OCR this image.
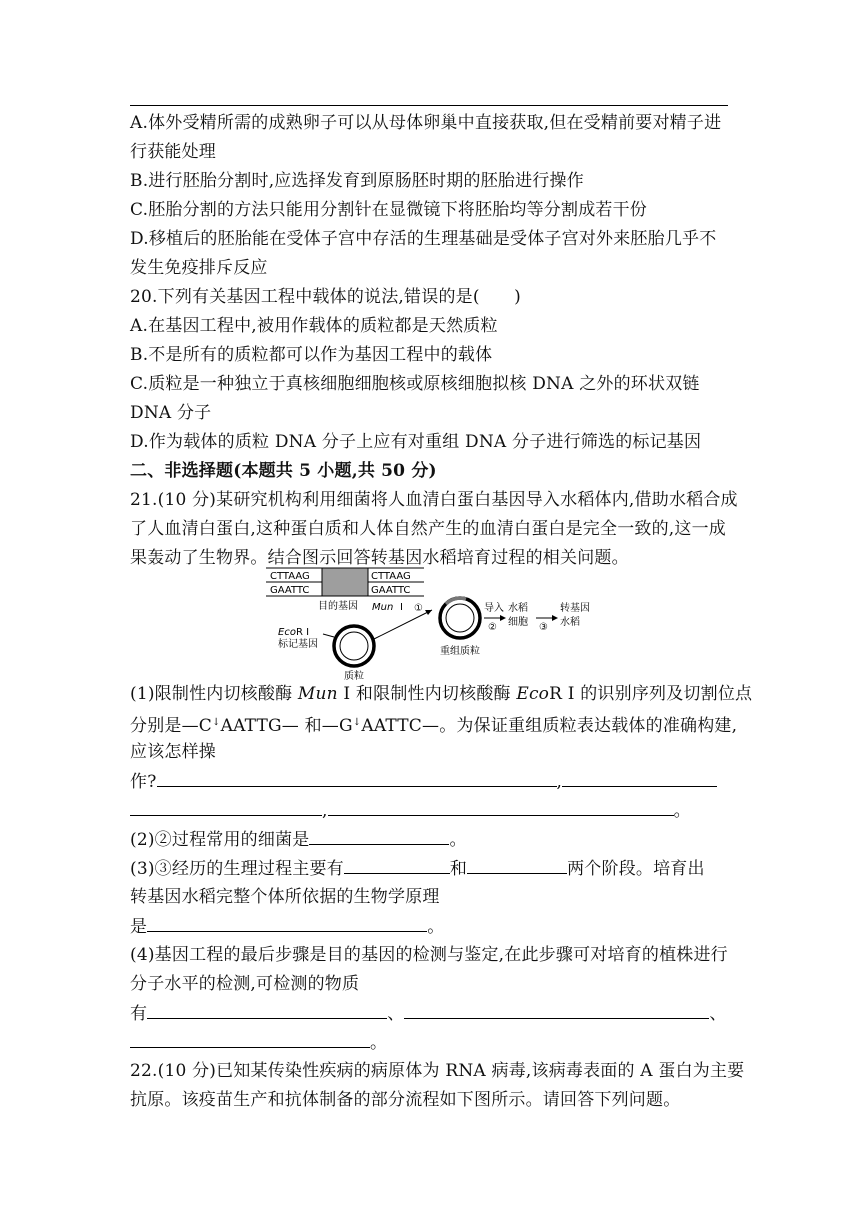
A.体外受精所需的成熟卵子可以从母体卵巢中直接获取,但在受精前要对精子进
行获能处理
B.进行胚胎分割时,应选择发育到原肠胚时期的胚胎进行操作
C.胚胎分割的方法只能用分割针在显微镜下将胚胎均等分割成若干份
D.移植后的胚胎能在受体子宫中存活的生理基础是受体子宫对外来胚胎几乎不
发生免疫排斥反应
20.下列有关基因工程中载体的说法,错误的是(　　)
A.在基因工程中,被用作载体的质粒都是天然质粒
B.不是所有的质粒都可以作为基因工程中的载体
C.质粒是一种独立于真核细胞细胞核或原核细胞拟核 DNA 之外的环状双链
DNA 分子
D.作为载体的质粒 DNA 分子上应有对重组 DNA 分子进行筛选的标记基因
二、非选择题(本题共 5 小题,共 50 分)
21.(10 分)某研究机构利用细菌将人血清白蛋白基因导入水稻体内,借助水稻合成
了人血清白蛋白,这种蛋白质和人体自然产生的血清白蛋白是完全一致的,这一成
果轰动了生物界。结合图示回答转基因水稻培育过程的相关问题。
CTTAAG
GAATTC
CTTAAG
GAATTC
目的基因 Mun Ⅰ
EcoR Ⅰ
标记基因
质粒
①
重组质粒
导入
②
水稻
细胞 ③
转基因
水稻
(1)限制性内切核酸酶 Mun Ⅰ 和限制性内切核酸酶 EcoR Ⅰ 的识别序列及切割位点
分别是—C↓AATTG— 和—G↓AATTC—。为保证重组质粒表达载体的准确构建,
应该怎样操
作?	,
,	。
(2)②过程常用的细菌是	。
(3)③经历的生理过程主要有	和	两个阶段。培育出
转基因水稻完整个体所依据的生物学原理
是	。
(4)基因工程的最后步骤是目的基因的检测与鉴定,在此步骤可对培育的植株进行
分子水平的检测,可检测的物质
有	、	、
。
22.(10 分)已知某传染性疾病的病原体为 RNA 病毒,该病毒表面的 A 蛋白为主要
抗原。该疫苗生产和抗体制备的部分流程如下图所示。请回答下列问题。
